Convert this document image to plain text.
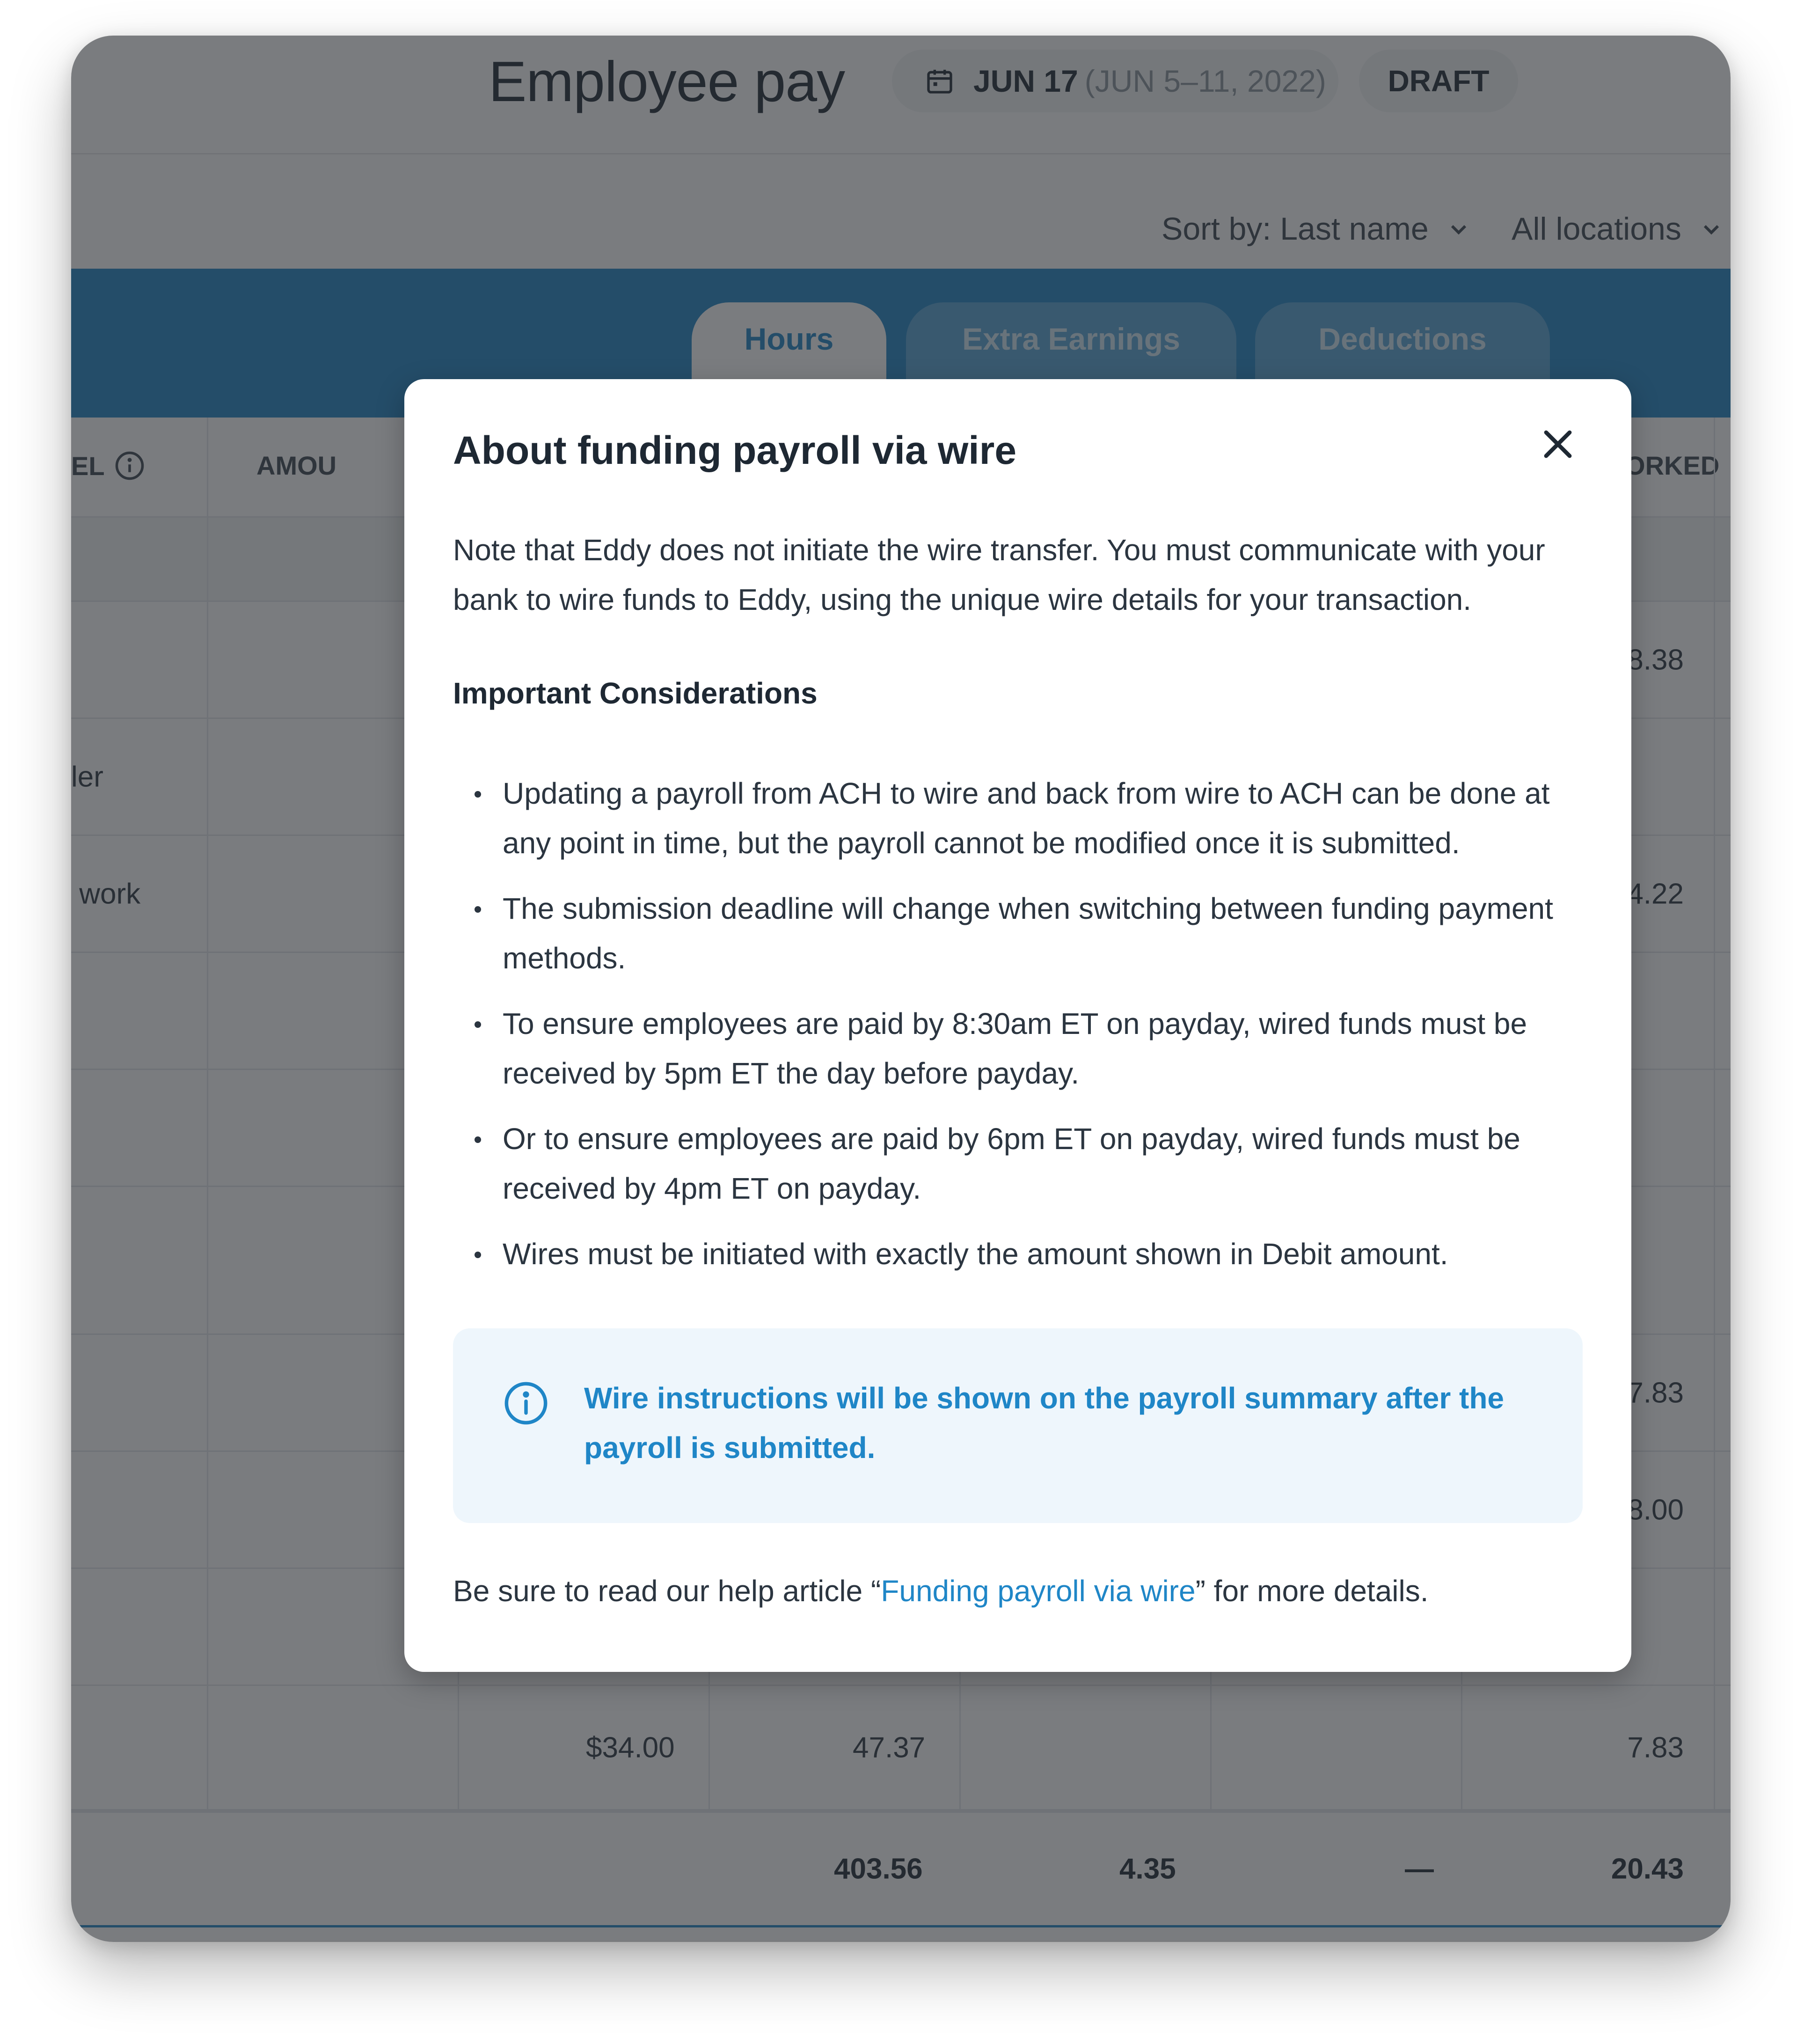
About funding payroll via wire

Note that Eddy does not initiate the wire transfer. You must communicate with your bank to wire funds to Eddy, using the unique wire details for your transaction.

Important Considerations
Updating a payroll from ACH to wire and back from wire to ACH can be done at any point in time, but the payroll cannot be modified once it is submitted.
The submission deadline will change when switching between funding payment methods.
To ensure employees are paid by 8:30am ET on payday, wired funds must be received by 5pm ET the day before payday.
Or to ensure employees are paid by 6pm ET on payday, wired funds must be received by 4pm ET on payday.
Wires must be initiated with exactly the amount shown in Debit amount.
Wire instructions will be shown on the payroll summary after the payroll is submitted.
Be sure to read our help article “Funding payroll via wire” for more details.
